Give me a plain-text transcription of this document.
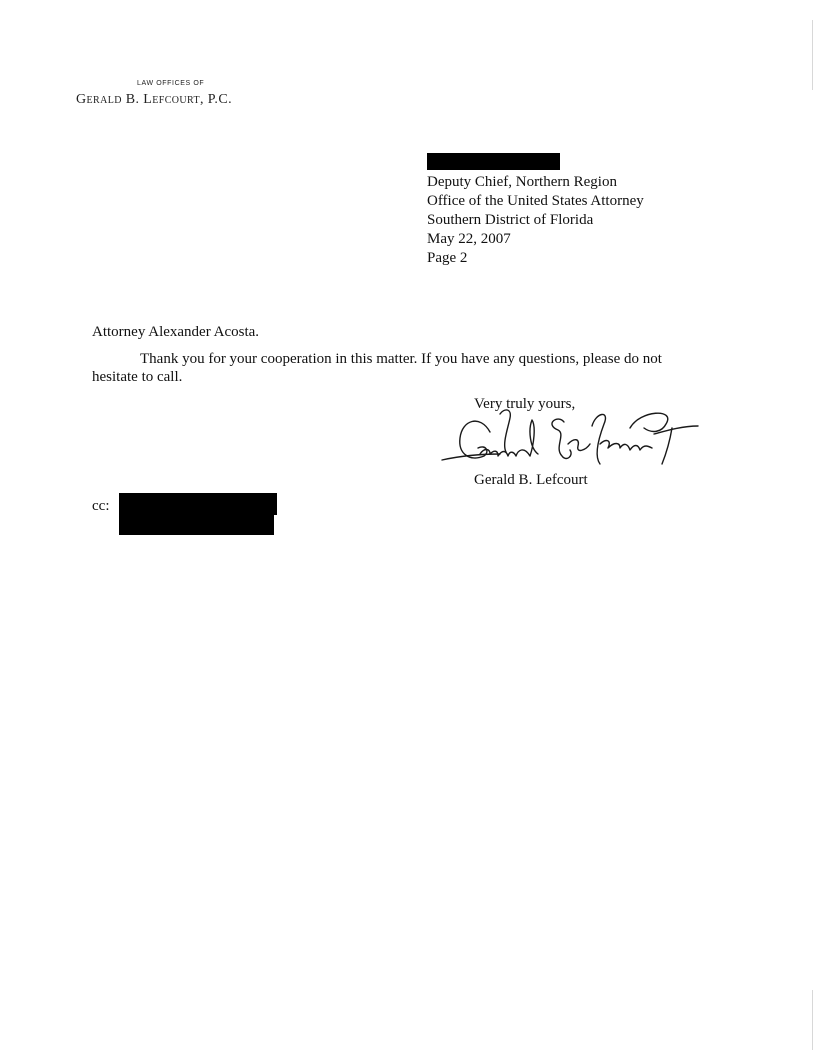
LAW OFFICES OF
Gerald B. Lefcourt, P.C.
Deputy Chief, Northern Region
Office of the United States Attorney
Southern District of Florida
May 22, 2007
Page 2
Attorney Alexander Acosta.
Thank you for your cooperation in this matter. If you have any questions, please do not
hesitate to call.
Very truly yours,
Gerald B. Lefcourt
cc:
